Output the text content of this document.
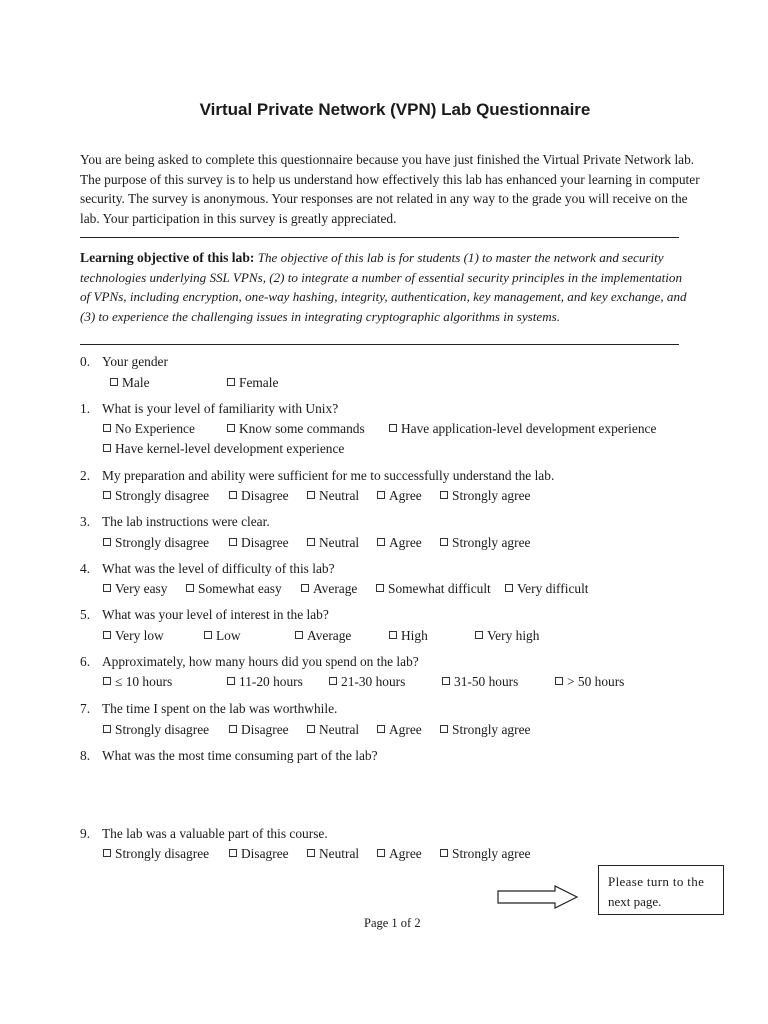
Virtual Private Network (VPN) Lab Questionnaire
You are being asked to complete this questionnaire because you have just finished the Virtual Private Network lab.
The purpose of this survey is to help us understand how effectively this lab has enhanced your learning in computer
security. The survey is anonymous. Your responses are not related in any way to the grade you will receive on the
lab. Your participation in this survey is greatly appreciated.
Learning objective of this lab: The objective of this lab is for students (1) to master the network and security
technologies underlying SSL VPNs, (2) to integrate a number of essential security principles in the implementation
of VPNs, including encryption, one-way hashing, integrity, authentication, key management, and key exchange, and
(3) to experience the challenging issues in integrating cryptographic algorithms in systems.
0. Your gender
Male	Female
1. What is your level of familiarity with Unix?
No Experience	Know some commands	Have application-level development experience
Have kernel-level development experience
2. My preparation and ability were sufficient for me to successfully understand the lab.
Strongly disagree	Disagree	Neutral	Agree	Strongly agree
3. The lab instructions were clear.
Strongly disagree	Disagree	Neutral	Agree	Strongly agree
4. What was the level of difficulty of this lab?
Very easy	Somewhat easy	Average	Somewhat difficult	Very difficult
5. What was your level of interest in the lab?
Very low	Low	Average	High	Very high
6. Approximately, how many hours did you spend on the lab?
≤ 10 hours	11-20 hours	21-30 hours	31-50 hours	> 50 hours
7. The time I spent on the lab was worthwhile.
Strongly disagree	Disagree	Neutral	Agree	Strongly agree
8. What was the most time consuming part of the lab?
9. The lab was a valuable part of this course.
Strongly disagree	Disagree	Neutral	Agree	Strongly agree
Please turn to the
next page.
Page 1 of 2
